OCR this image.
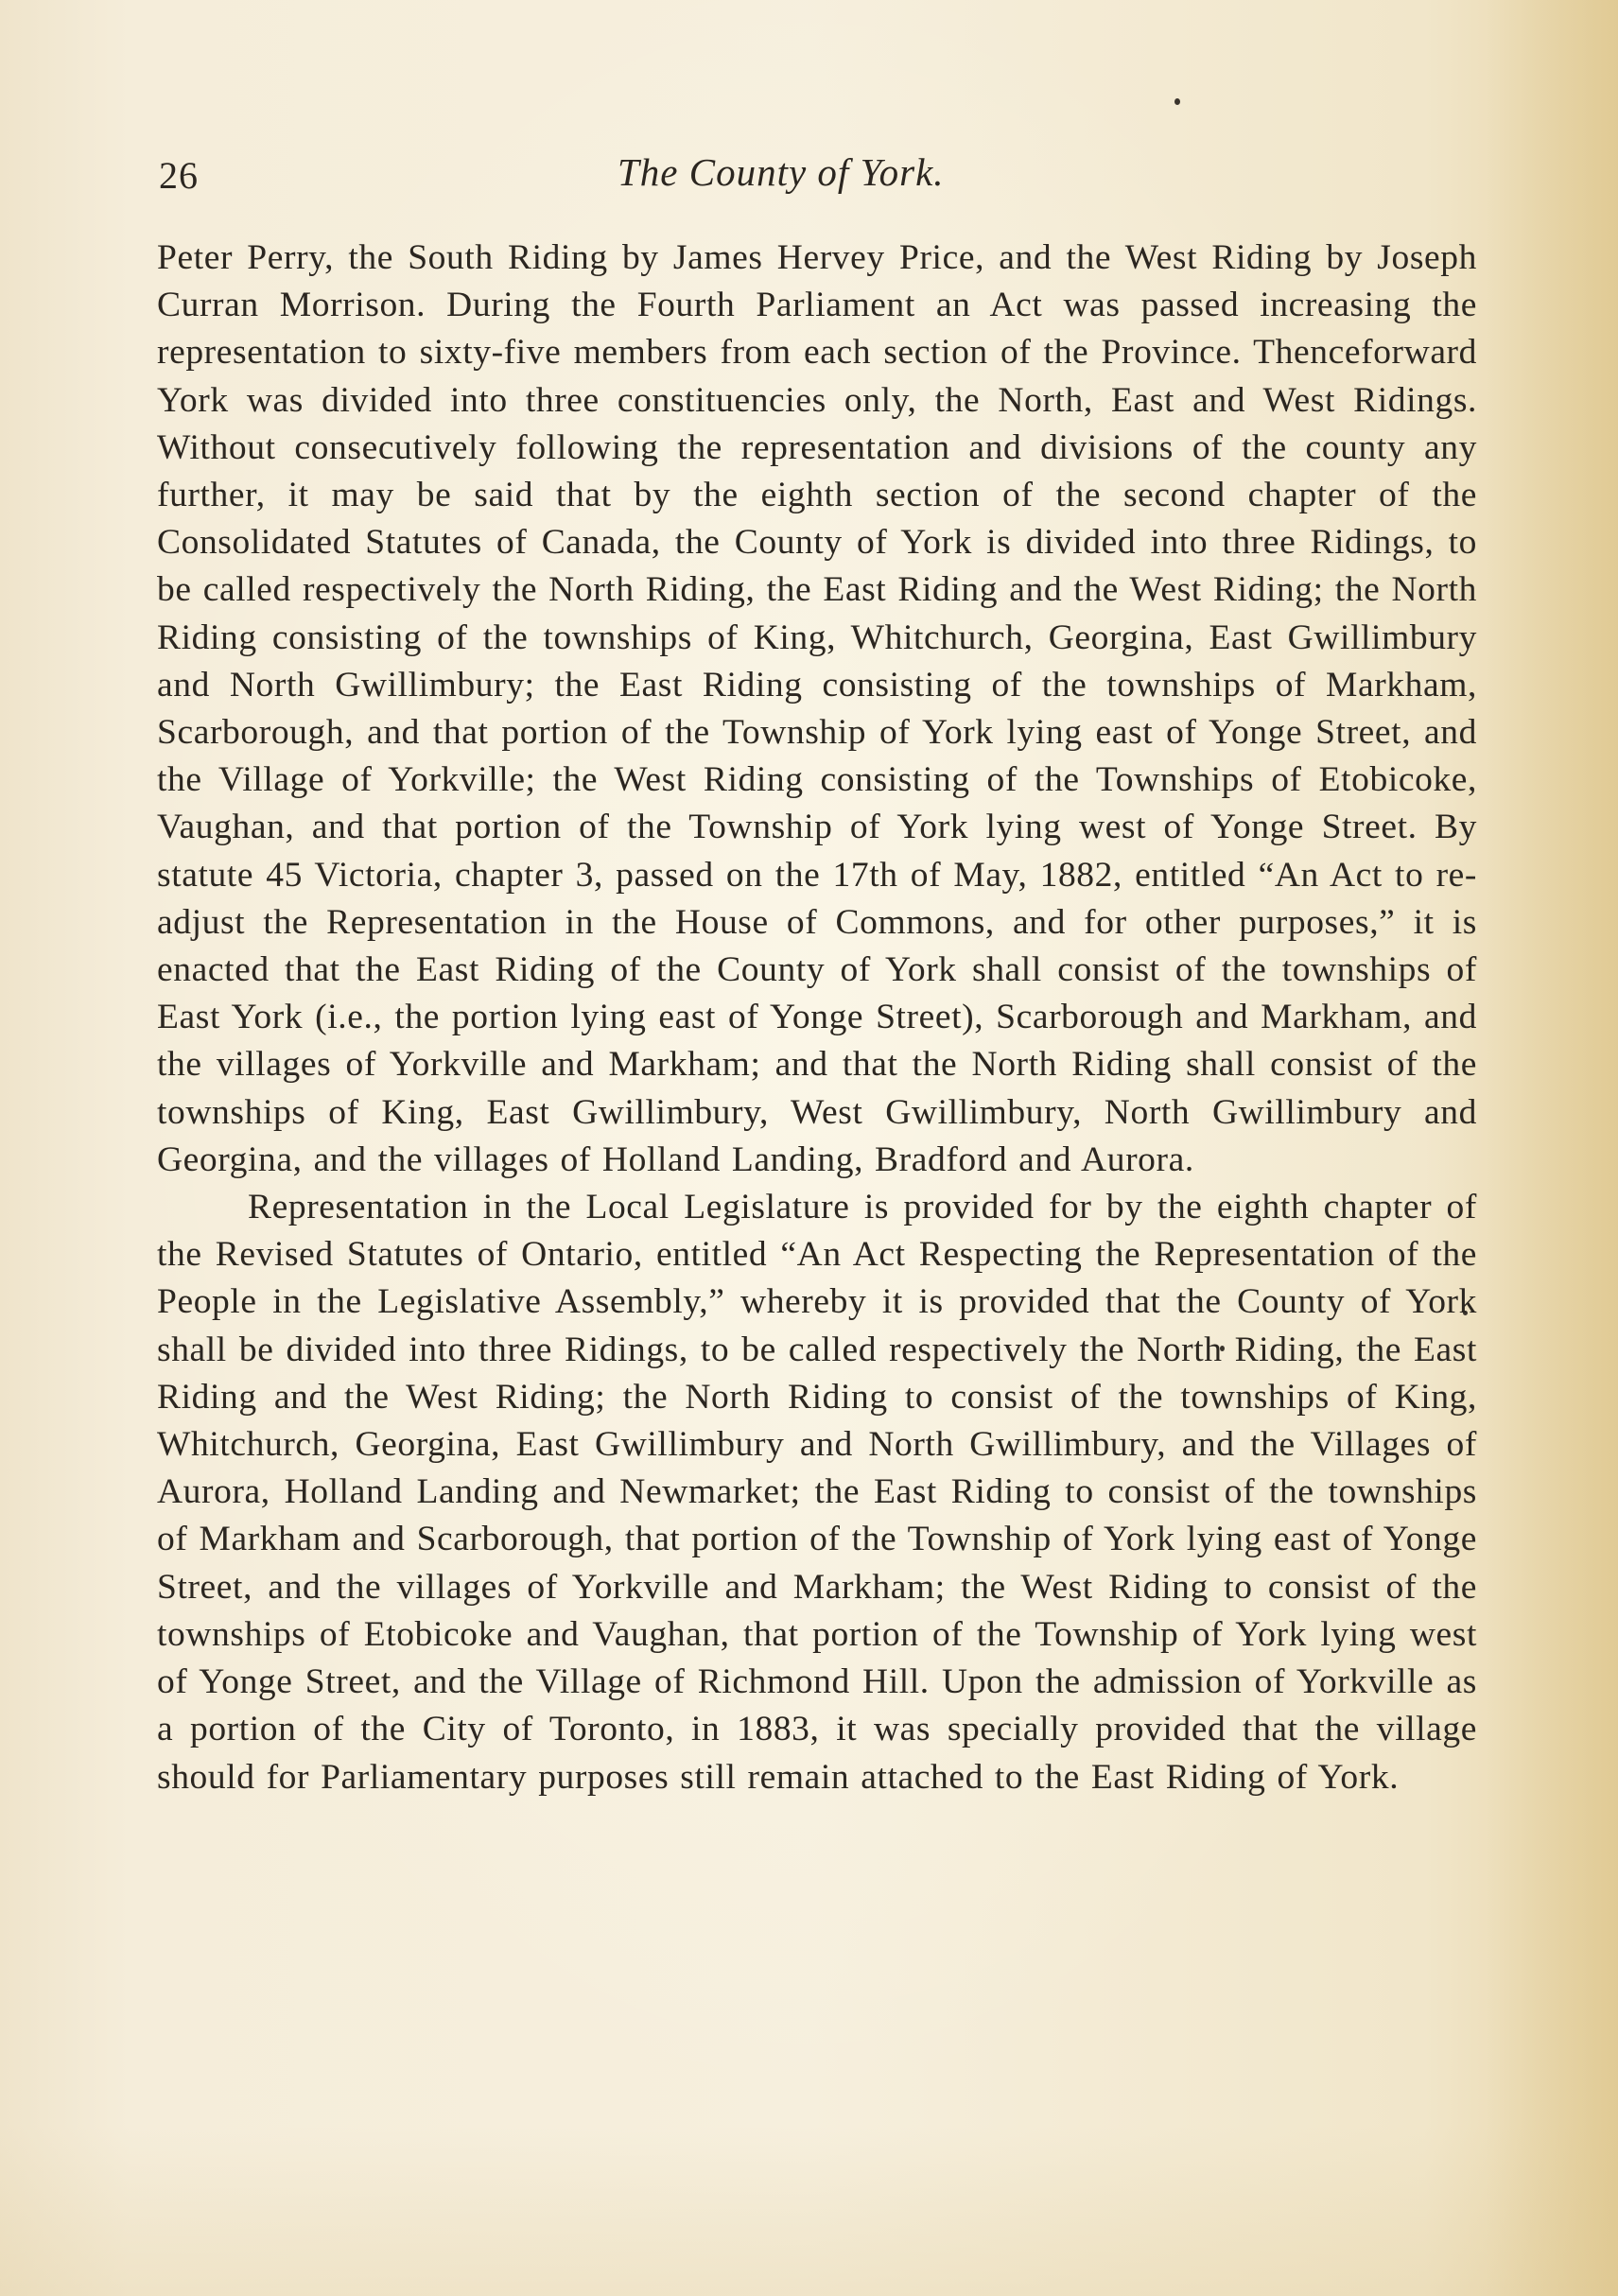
26	The County of York.

Peter Perry, the South Riding by James Hervey Price, and the West Riding by Joseph Curran Morrison. During the Fourth Parliament an Act was passed increasing the representation to sixty-five members from each section of the Province. Thenceforward York was divided into three constituencies only, the North, East and West Ridings. Without consecutively following the representation and divisions of the county any further, it may be said that by the eighth section of the second chapter of the Consolidated Statutes of Canada, the County of York is divided into three Ridings, to be called respectively the North Riding, the East Riding and the West Riding; the North Riding consisting of the townships of King, Whitchurch, Georgina, East Gwillimbury and North Gwillimbury; the East Riding consisting of the townships of Markham, Scarborough, and that portion of the Township of York lying east of Yonge Street, and the Village of Yorkville; the West Riding consisting of the Townships of Etobicoke, Vaughan, and that portion of the Township of York lying west of Yonge Street. By statute 45 Victoria, chapter 3, passed on the 17th of May, 1882, entitled “An Act to re-adjust the Representation in the House of Commons, and for other purposes,” it is enacted that the East Riding of the County of York shall consist of the townships of East York (i.e., the portion lying east of Yonge Street), Scarborough and Markham, and the villages of Yorkville and Markham; and that the North Riding shall consist of the townships of King, East Gwillimbury, West Gwillimbury, North Gwillimbury and Georgina, and the villages of Holland Landing, Bradford and Aurora.

Representation in the Local Legislature is provided for by the eighth chapter of the Revised Statutes of Ontario, entitled “An Act Respecting the Representation of the People in the Legislative Assembly,” whereby it is provided that the County of York shall be divided into three Ridings, to be called respectively the North Riding, the East Riding and the West Riding; the North Riding to consist of the townships of King, Whitchurch, Georgina, East Gwillimbury and North Gwillimbury, and the Villages of Aurora, Holland Landing and Newmarket; the East Riding to consist of the townships of Markham and Scarborough, that portion of the Township of York lying east of Yonge Street, and the villages of Yorkville and Markham; the West Riding to consist of the townships of Etobicoke and Vaughan, that portion of the Township of York lying west of Yonge Street, and the Village of Richmond Hill. Upon the admission of Yorkville as a portion of the City of Toronto, in 1883, it was specially provided that the village should for Parliamentary purposes still remain attached to the East Riding of York.
